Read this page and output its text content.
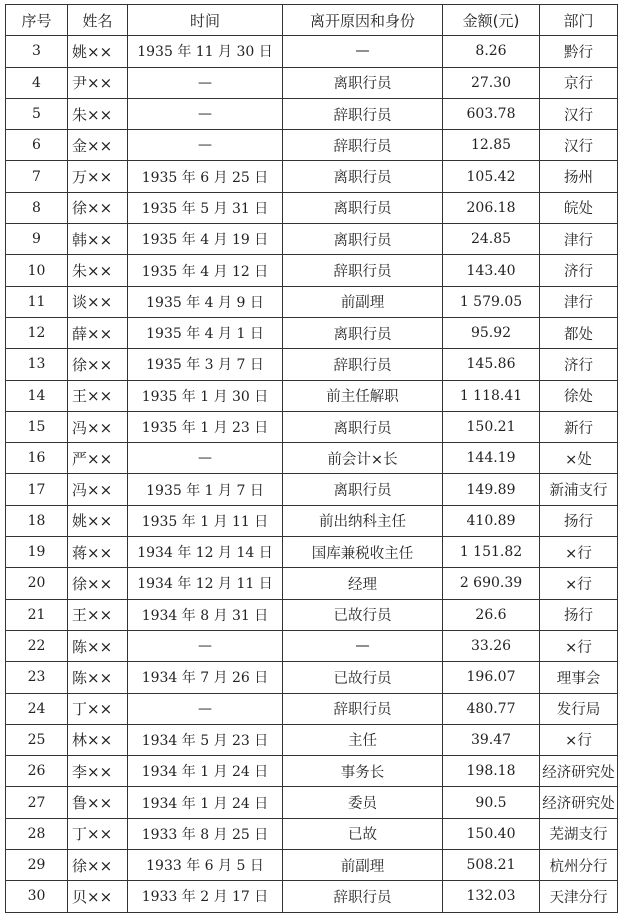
序号	姓名	时间	离开原因和身份	金额(元)	部门
3	姚××	1935 年 11 月 30 日	—	8.26	黔行
4	尹××	—	离职行员	27.30	京行
5	朱××	—	辞职行员	603.78	汉行
6	金××	—	辞职行员	12.85	汉行
7	万××	1935 年 6 月 25 日	离职行员	105.42	扬州
8	徐××	1935 年 5 月 31 日	离职行员	206.18	皖处
9	韩××	1935 年 4 月 19 日	离职行员	24.85	津行
10	朱××	1935 年 4 月 12 日	辞职行员	143.40	济行
11	谈××	1935 年 4 月 9 日	前副理	1 579.05	津行
12	薛××	1935 年 4 月 1 日	离职行员	95.92	都处
13	徐××	1935 年 3 月 7 日	辞职行员	145.86	济行
14	王××	1935 年 1 月 30 日	前主任解职	1 118.41	徐处
15	冯××	1935 年 1 月 23 日	离职行员	150.21	新行
16	严××	—	前会计×长	144.19	×处
17	冯××	1935 年 1 月 7 日	离职行员	149.89	新浦支行
18	姚××	1935 年 1 月 11 日	前出纳科主任	410.89	扬行
19	蒋××	1934 年 12 月 14 日	国库兼税收主任	1 151.82	×行
20	徐××	1934 年 12 月 11 日	经理	2 690.39	×行
21	王××	1934 年 8 月 31 日	已故行员	26.6	扬行
22	陈××	—	—	33.26	×行
23	陈××	1934 年 7 月 26 日	已故行员	196.07	理事会
24	丁××	—	辞职行员	480.77	发行局
25	林××	1934 年 5 月 23 日	主任	39.47	×行
26	李××	1934 年 1 月 24 日	事务长	198.18	经济研究处
27	鲁××	1934 年 1 月 24 日	委员	90.5	经济研究处
28	丁××	1933 年 8 月 25 日	已故	150.40	芜湖支行
29	徐××	1933 年 6 月 5 日	前副理	508.21	杭州分行
30	贝××	1933 年 2 月 17 日	辞职行员	132.03	天津分行
